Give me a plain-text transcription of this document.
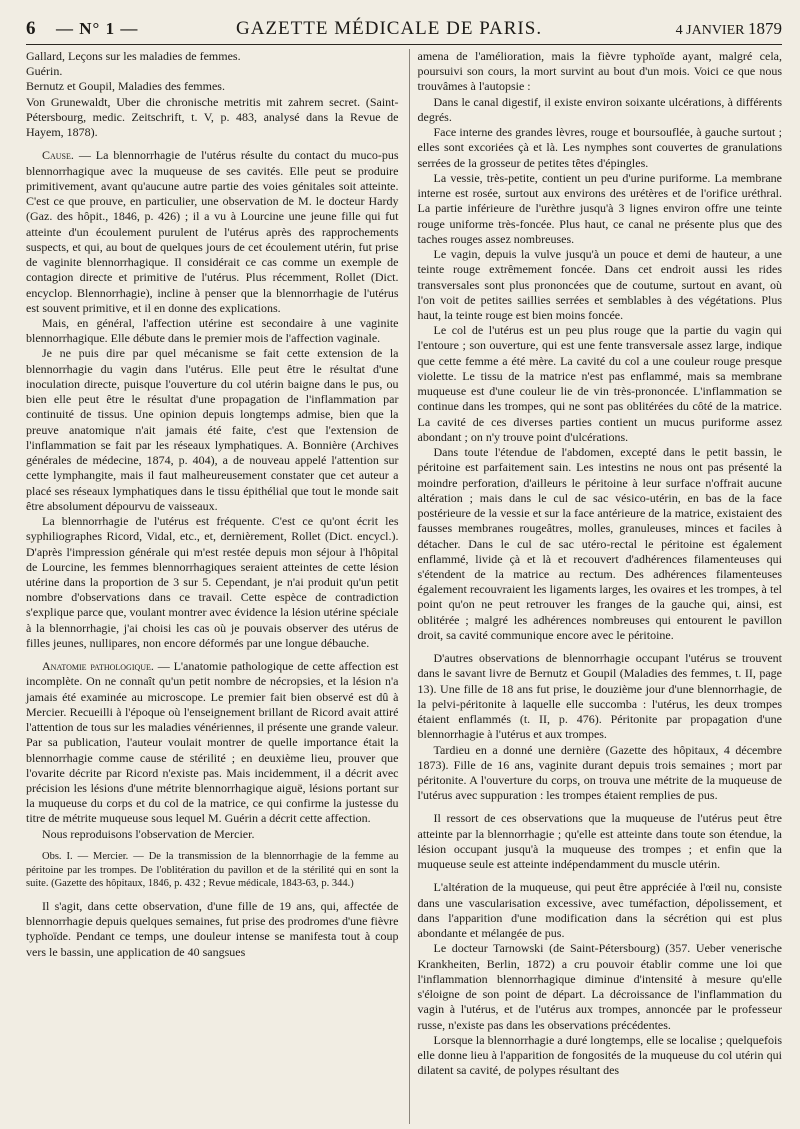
6	— N° 1 —	GAZETTE MÉDICALE DE PARIS.	4 JANVIER 1879

Gallard, Leçons sur les maladies de femmes.

Guérin.

Bernutz et Goupil, Maladies des femmes.

Von Grunewaldt, Uber die chronische metritis mit zahrem secret. (Saint-Pétersbourg, medic. Zeitschrift, t. V, p. 483, analysé dans la Revue de Hayem, 1878).

Cause. — La blennorrhagie de l'utérus résulte du contact du muco-pus blennorrhagique avec la muqueuse de ses cavités. Elle peut se produire primitivement, avant qu'aucune autre partie des voies génitales soit atteinte. C'est ce que prouve, en particulier, une observation de M. le docteur Hardy (Gaz. des hôpit., 1846, p. 426) ; il a vu à Lourcine une jeune fille qui fut atteinte d'un écoulement purulent de l'utérus après des rapprochements suspects, et qui, au bout de quelques jours de cet écoulement utérin, fut prise de vaginite blennorrhagique. Il considérait ce cas comme un exemple de contagion directe et primitive de l'utérus. Plus récemment, Rollet (Dict. encyclop. Blennorrhagie), incline à penser que la blennorrhagie de l'utérus est souvent primitive, et il en donne des explications.

Mais, en général, l'affection utérine est secondaire à une vaginite blennorrhagique. Elle débute dans le premier mois de l'affection vaginale.

Je ne puis dire par quel mécanisme se fait cette extension de la blennorrhagie du vagin dans l'utérus. Elle peut être le résultat d'une inoculation directe, puisque l'ouverture du col utérin baigne dans le pus, ou bien elle peut être le résultat d'une propagation de l'inflammation par continuité de tissus. Une opinion depuis longtemps admise, bien que la preuve anatomique n'ait jamais été faite, c'est que l'extension de l'inflammation se fait par les réseaux lymphatiques. A. Bonnière (Archives générales de médecine, 1874, p. 404), a de nouveau appelé l'attention sur cette lymphangite, mais il faut malheureusement constater que cet auteur a placé ses réseaux lymphatiques dans le tissu épithélial que tout le monde sait être absolument dépourvu de vaisseaux.

La blennorrhagie de l'utérus est fréquente. C'est ce qu'ont écrit les syphiliographes Ricord, Vidal, etc., et, dernièrement, Rollet (Dict. encycl.). D'après l'impression générale qui m'est restée depuis mon séjour à l'hôpital de Lourcine, les femmes blennorrhagiques seraient atteintes de cette lésion utérine dans la proportion de 3 sur 5. Cependant, je n'ai produit qu'un petit nombre d'observations dans ce travail. Cette espèce de contradiction s'explique parce que, voulant montrer avec évidence la lésion utérine spéciale à la blennorrhagie, j'ai choisi les cas où je pouvais observer des utérus de filles jeunes, nullipares, non encore déformés par une longue débauche.

Anatomie pathologique. — L'anatomie pathologique de cette affection est incomplète. On ne connaît qu'un petit nombre de nécropsies, et la lésion n'a jamais été examinée au microscope. Le premier fait bien observé est dû à Mercier. Recueilli à l'époque où l'enseignement brillant de Ricord avait attiré l'attention de tous sur les maladies vénériennes, il présente une grande valeur. Par sa publication, l'auteur voulait montrer de quelle importance était la blennorrhagie comme cause de stérilité ; en deuxième lieu, prouver que l'ovarite décrite par Ricord n'existe pas. Mais incidemment, il a décrit avec précision les lésions d'une métrite blennorrhagique aiguë, lésions portant sur la muqueuse du corps et du col de la matrice, ce qui confirme la justesse du titre de métrite muqueuse sous lequel M. Guérin a décrit cette affection.

Nous reproduisons l'observation de Mercier.

Obs. I. — Mercier. — De la transmission de la blennorrhagie de la femme au péritoine par les trompes. De l'oblitération du pavillon et de la stérilité qui en sont la suite. (Gazette des hôpitaux, 1846, p. 432 ; Revue médicale, 1843-63, p. 344.)

Il s'agit, dans cette observation, d'une fille de 19 ans, qui, affectée de blennorrhagie depuis quelques semaines, fut prise des prodromes d'une fièvre typhoïde. Pendant ce temps, une douleur intense se manifesta tout à coup vers le bassin, une application de 40 sangsues

amena de l'amélioration, mais la fièvre typhoïde ayant, malgré cela, poursuivi son cours, la mort survint au bout d'un mois. Voici ce que nous trouvâmes à l'autopsie :

Dans le canal digestif, il existe environ soixante ulcérations, à différents degrés.

Face interne des grandes lèvres, rouge et boursouflée, à gauche surtout ; elles sont excoriées çà et là. Les nymphes sont couvertes de granulations serrées de la grosseur de petites têtes d'épingles.

La vessie, très-petite, contient un peu d'urine puriforme. La membrane interne est rosée, surtout aux environs des urétères et de l'orifice uréthral. La partie inférieure de l'urèthre jusqu'à 3 lignes environ offre une teinte rouge uniforme très-foncée. Plus haut, ce canal ne présente plus que des taches rouges assez nombreuses.

Le vagin, depuis la vulve jusqu'à un pouce et demi de hauteur, a une teinte rouge extrêmement foncée. Dans cet endroit aussi les rides transversales sont plus prononcées que de coutume, surtout en avant, où l'on voit de petites saillies serrées et semblables à des végétations. Plus haut, la teinte rouge est bien moins foncée.

Le col de l'utérus est un peu plus rouge que la partie du vagin qui l'entoure ; son ouverture, qui est une fente transversale assez large, indique que cette femme a été mère. La cavité du col a une couleur rouge presque violette. Le tissu de la matrice n'est pas enflammé, mais sa membrane muqueuse est d'une couleur lie de vin très-prononcée. L'inflammation se continue dans les trompes, qui ne sont pas oblitérées du côté de la matrice. La cavité de ces diverses parties contient un mucus puriforme assez abondant ; on n'y trouve point d'ulcérations.

Dans toute l'étendue de l'abdomen, excepté dans le petit bassin, le péritoine est parfaitement sain. Les intestins ne nous ont pas présenté la moindre perforation, d'ailleurs le péritoine à leur surface n'offrait aucune altération ; mais dans le cul de sac vésico-utérin, en bas de la face postérieure de la vessie et sur la face antérieure de la matrice, existaient des fausses membranes rougeâtres, molles, granuleuses, minces et faciles à détacher. Dans le cul de sac utéro-rectal le péritoine est également enflammé, livide çà et là et recouvert d'adhérences filamenteuses qui s'étendent de la matrice au rectum. Des adhérences filamenteuses également recouvraient les ligaments larges, les ovaires et les trompes, à tel point qu'on ne peut retrouver les franges de la gauche qui, ainsi, est oblitérée ; malgré les adhérences nombreuses qui entourent le pavillon droit, sa cavité communique encore avec le péritoine.

D'autres observations de blennorrhagie occupant l'utérus se trouvent dans le savant livre de Bernutz et Goupil (Maladies des femmes, t. II, page 13). Une fille de 18 ans fut prise, le douzième jour d'une blennorrhagie, de la pelvi-péritonite à laquelle elle succomba : l'utérus, les deux trompes étaient enflammés (t. II, p. 476). Péritonite par propagation d'une blennorrhagie à l'utérus et aux trompes.

Tardieu en a donné une dernière (Gazette des hôpitaux, 4 décembre 1873). Fille de 16 ans, vaginite durant depuis trois semaines ; mort par péritonite. A l'ouverture du corps, on trouva une métrite de la muqueuse de l'utérus avec suppuration : les trompes étaient remplies de pus.

Il ressort de ces observations que la muqueuse de l'utérus peut être atteinte par la blennorrhagie ; qu'elle est atteinte dans toute son étendue, la lésion occupant jusqu'à la muqueuse des trompes ; et enfin que la muqueuse seule est atteinte indépendamment du muscle utérin.

L'altération de la muqueuse, qui peut être appréciée à l'œil nu, consiste dans une vascularisation excessive, avec tuméfaction, dépolissement, et dans l'apparition d'une modification dans la sécrétion qui est plus abondante et mélangée de pus.

Le docteur Tarnowski (de Saint-Pétersbourg) (357. Ueber venerische Krankheiten, Berlin, 1872) a cru pouvoir établir comme une loi que l'inflammation blennorrhagique diminue d'intensité à mesure qu'elle s'éloigne de son point de départ. La décroissance de l'inflammation du vagin à l'utérus, et de l'utérus aux trompes, annoncée par le professeur russe, n'existe pas dans les observations précédentes.

Lorsque la blennorrhagie a duré longtemps, elle se localise ; quelquefois elle donne lieu à l'apparition de fongosités de la muqueuse du col utérin qui dilatent sa cavité, de polypes résultant des
